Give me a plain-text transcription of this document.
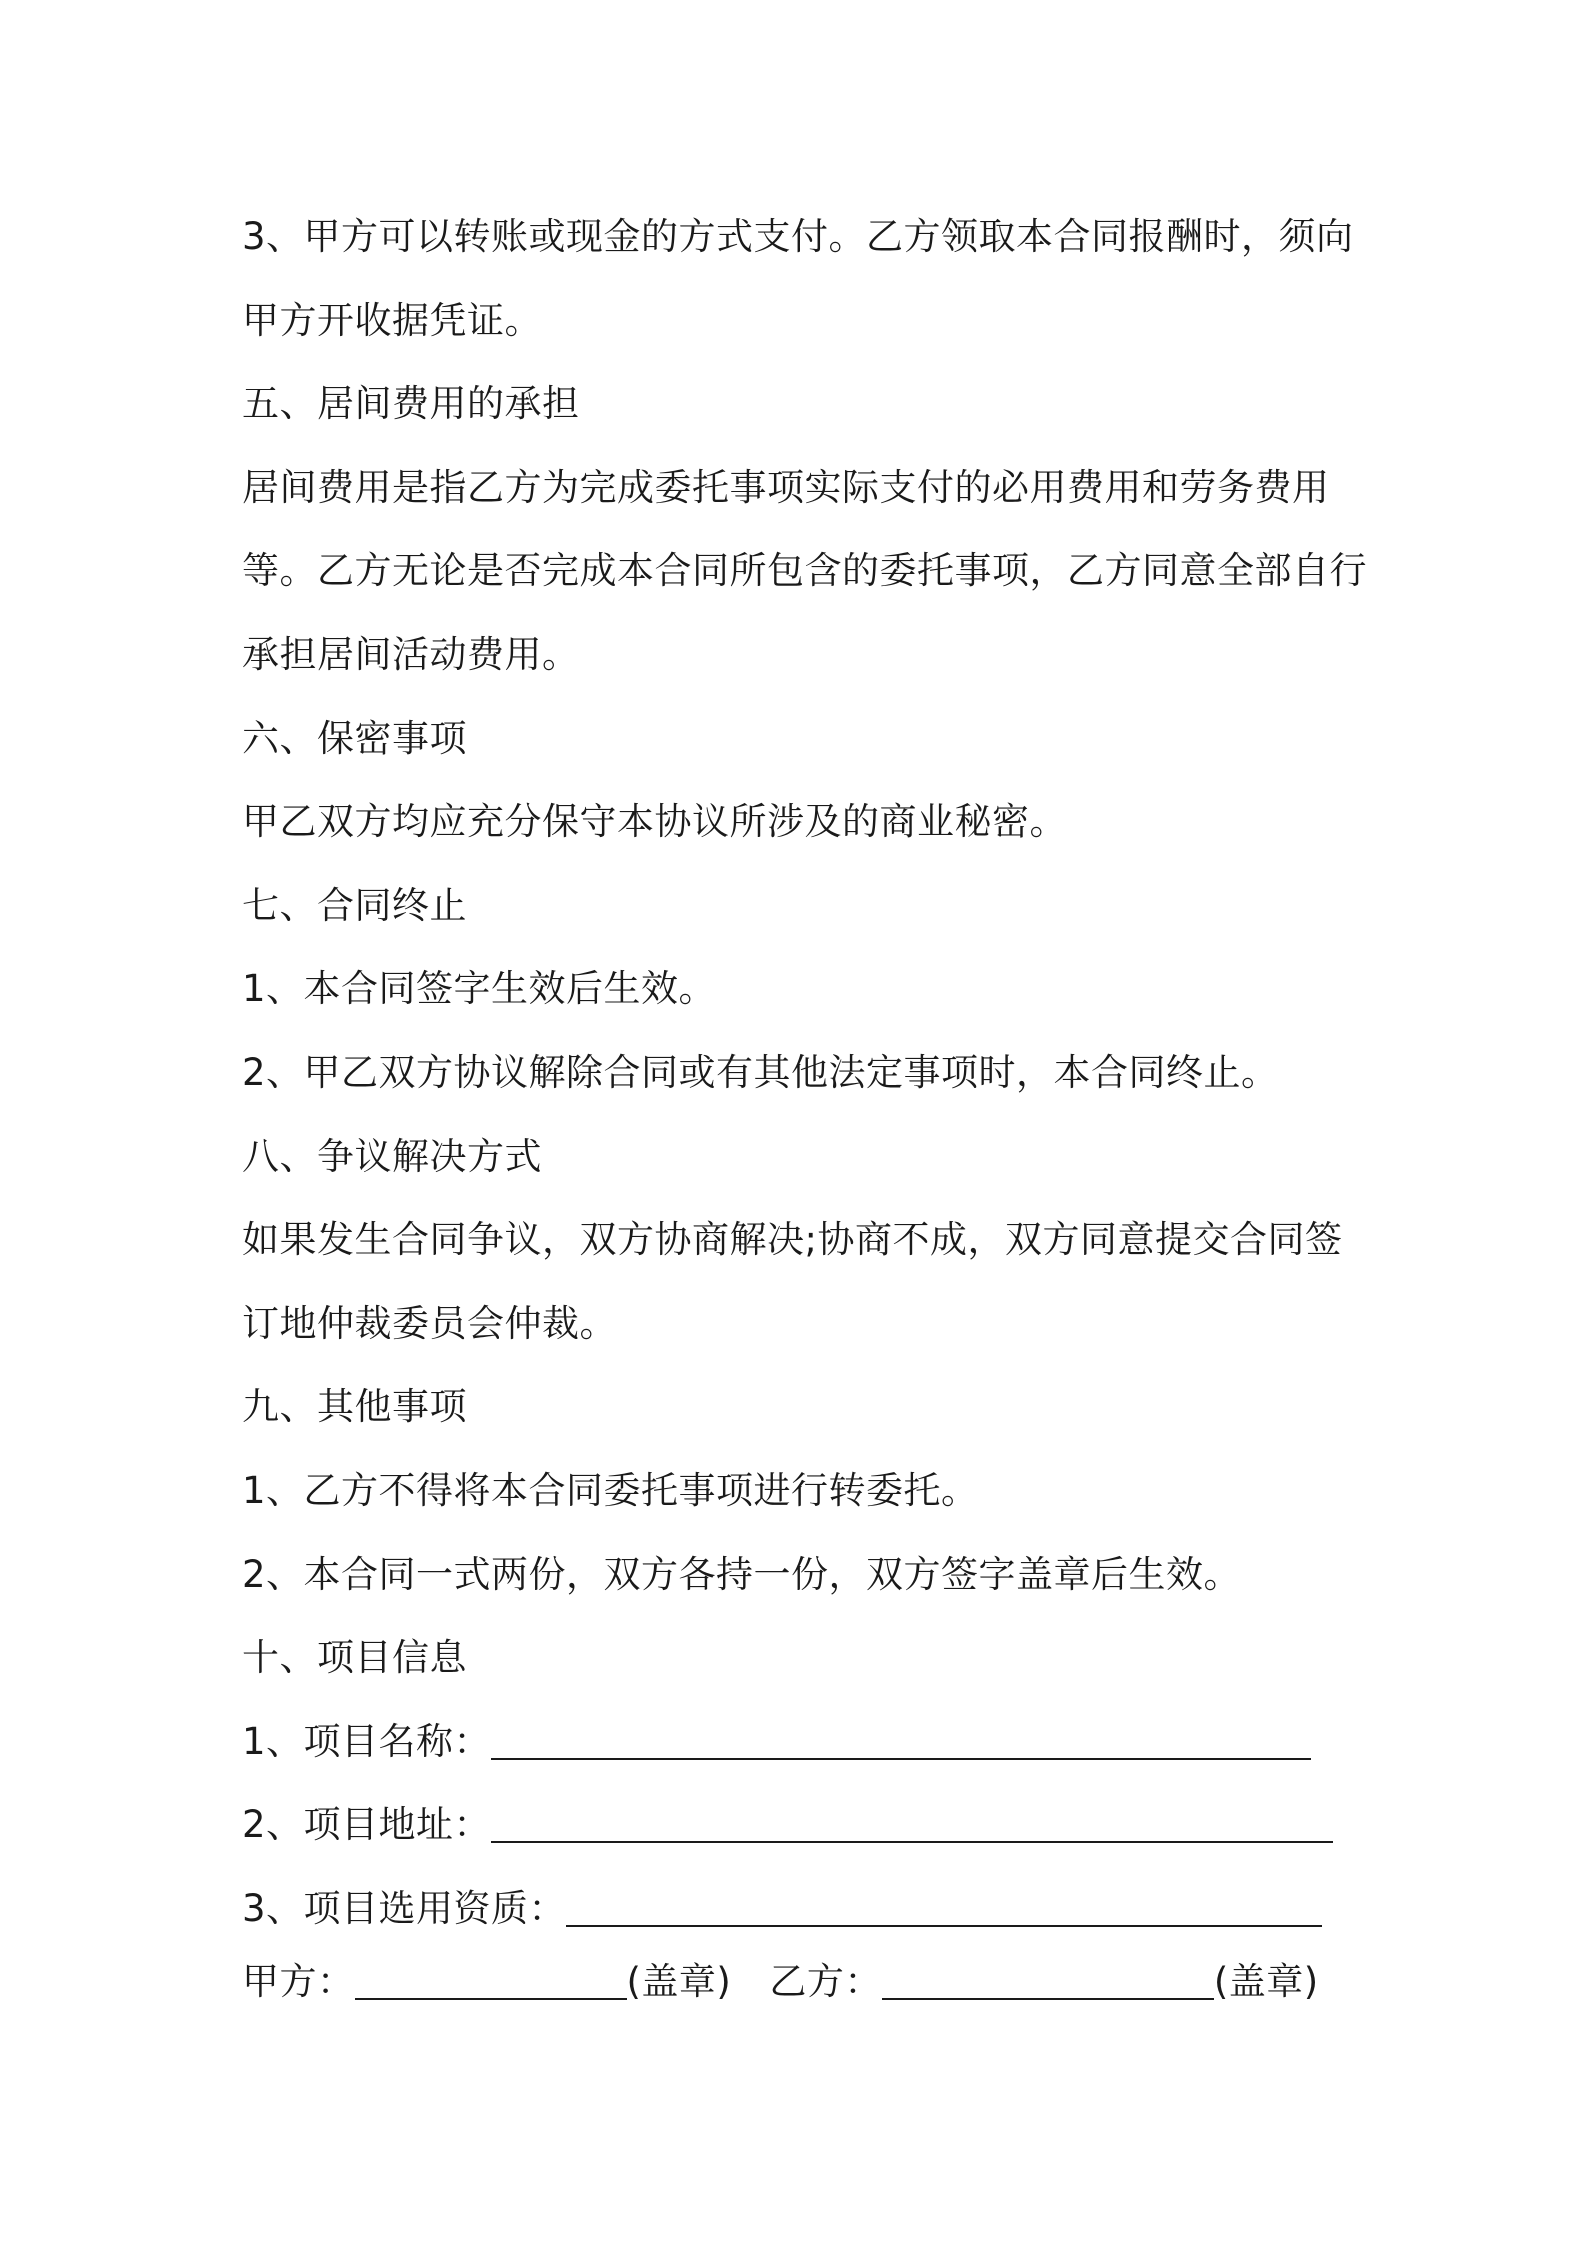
3、甲方可以转账或现金的方式支付。乙方领取本合同报酬时，须向
甲方开收据凭证。
五、居间费用的承担
居间费用是指乙方为完成委托事项实际支付的必用费用和劳务费用
等。乙方无论是否完成本合同所包含的委托事项，乙方同意全部自行
承担居间活动费用。
六、保密事项
甲乙双方均应充分保守本协议所涉及的商业秘密。
七、合同终止
1、本合同签字生效后生效。
2、甲乙双方协议解除合同或有其他法定事项时，本合同终止。
八、争议解决方式
如果发生合同争议，双方协商解决;协商不成，双方同意提交合同签
订地仲裁委员会仲裁。
九、其他事项
1、乙方不得将本合同委托事项进行转委托。
2、本合同一式两份，双方各持一份，双方签字盖章后生效。
十、项目信息
1、项目名称：
2、项目地址：
3、项目选用资质：
甲方：	(盖章) 乙方：	(盖章)
